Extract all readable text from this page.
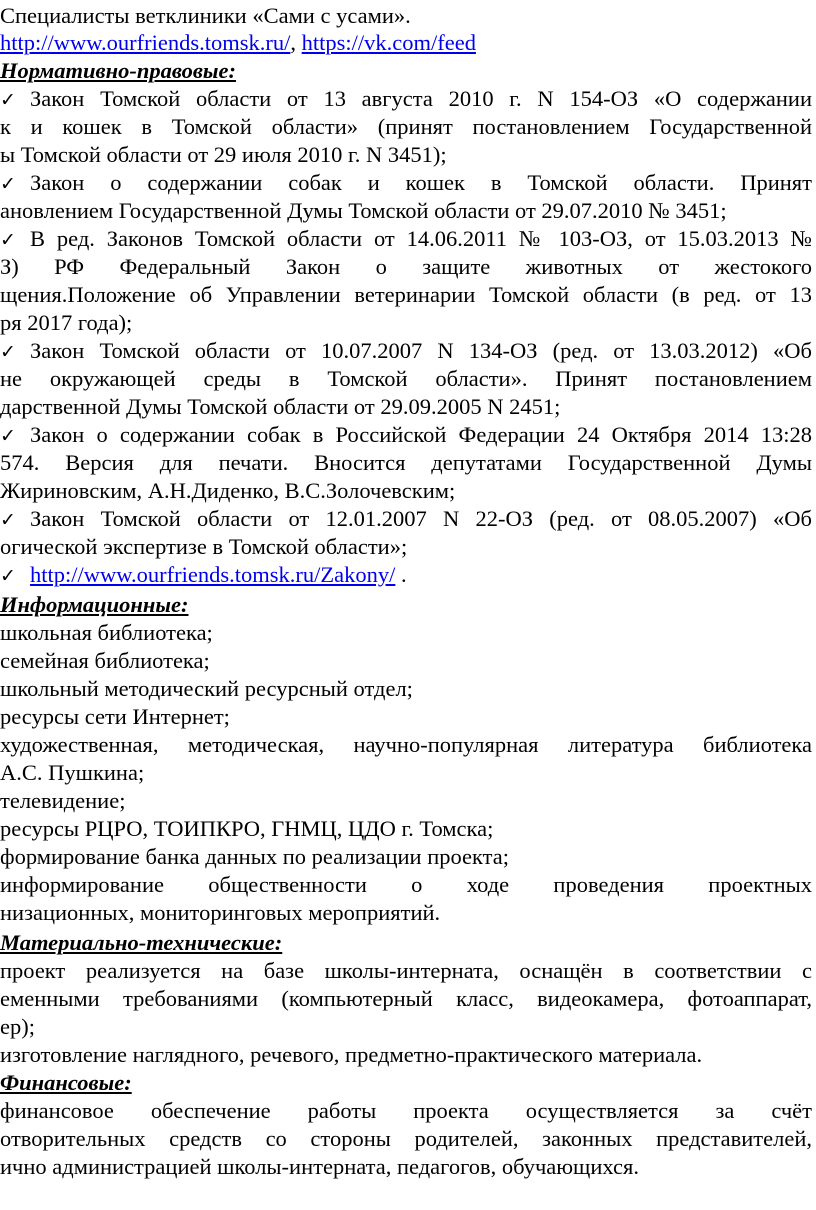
Специалисты ветклиники «Сами с усами».
http://www.ourfriends.tomsk.ru/, https://vk.com/feed
Нормативно-правовые:
✓ Закон Томской области от 13 августа 2010 г. N 154-ОЗ «О содержании
к и кошек в Томской области» (принят постановлением Государственной
ы Томской области от 29 июля 2010 г. N 3451);
✓ Закон о содержании собак и кошек в Томской области. Принят
ановлением Государственной Думы Томской области от 29.07.2010 № 3451;
✓ В ред. Законов Томской области от 14.06.2011 № 103-ОЗ, от 15.03.2013 №
З) РФ Федеральный Закон о защите животных от жестокого
щения.Положение об Управлении ветеринарии Томской области (в ред. от 13
ря 2017 года);
✓ Закон Томской области от 10.07.2007 N 134-ОЗ (ред. от 13.03.2012) «Об
не окружающей среды в Томской области». Принят постановлением
дарственной Думы Томской области от 29.09.2005 N 2451;
✓ Закон о содержании собак в Российской Федерации 24 Октября 2014 13:28
574. Версия для печати. Вносится депутатами Государственной Думы
Жириновским, А.Н.Диденко, В.С.Золочевским;
✓ Закон Томской области от 12.01.2007 N 22-ОЗ (ред. от 08.05.2007) «Об
огической экспертизе в Томской области»;
✓ http://www.ourfriends.tomsk.ru/Zakony/ .
Информационные:
школьная библиотека;
семейная библиотека;
школьный методический ресурсный отдел;
ресурсы сети Интернет;
художественная, методическая, научно-популярная литература библиотека
А.С. Пушкина;
телевидение;
ресурсы РЦРО, ТОИПКРО, ГНМЦ, ЦДО г. Томска;
формирование банка данных по реализации проекта;
информирование общественности о ходе проведения проектных
низационных, мониторинговых мероприятий.
Материально-технические:
проект реализуется на базе школы-интерната, оснащён в соответствии с
еменными требованиями (компьютерный класс, видеокамера, фотоаппарат,
ер);
изготовление наглядного, речевого, предметно-практического материала.
Финансовые:
финансовое обеспечение работы проекта осуществляется за счёт
отворительных средств со стороны родителей, законных представителей,
ично администрацией школы-интерната, педагогов, обучающихся.
